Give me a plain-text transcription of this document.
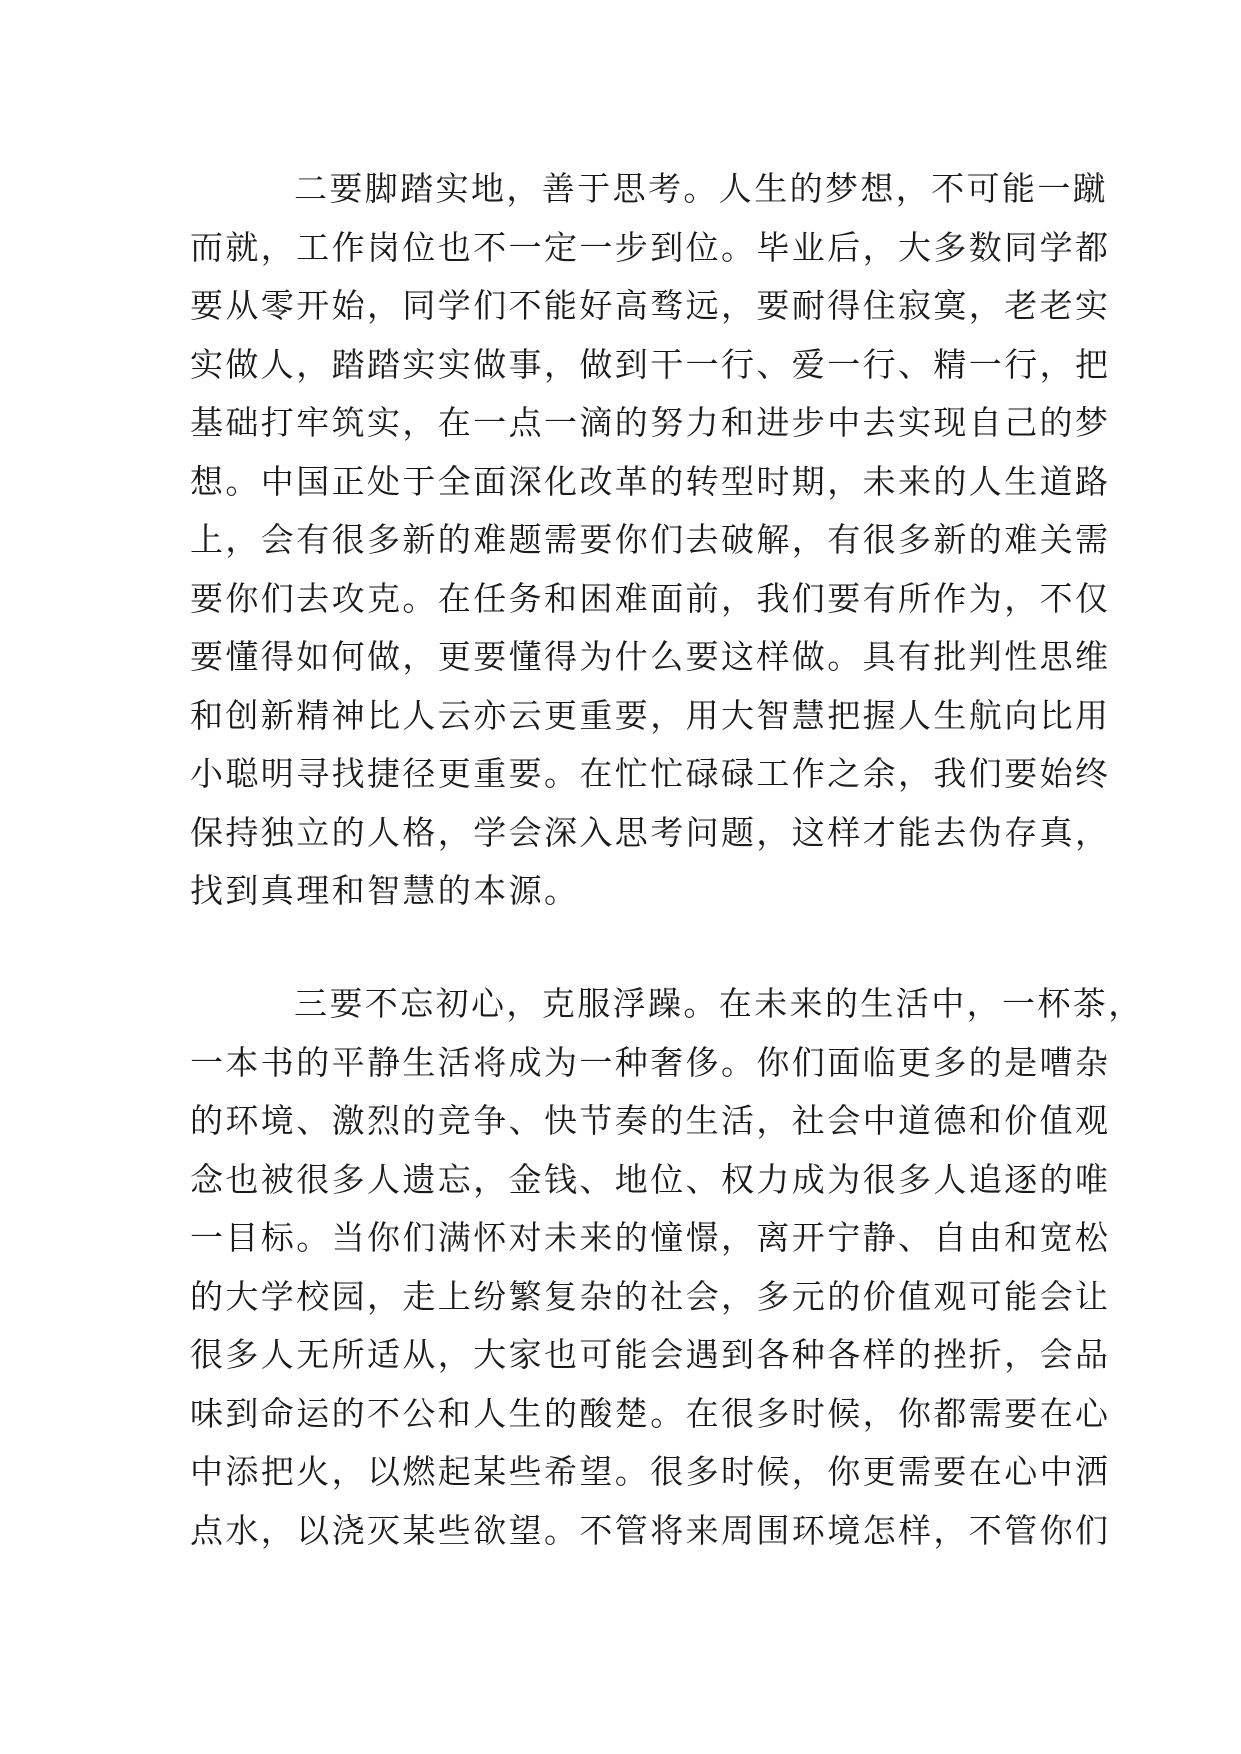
二要脚踏实地，善于思考。人生的梦想，不可能一蹴
而就，工作岗位也不一定一步到位。毕业后，大多数同学都
要从零开始，同学们不能好高骛远，要耐得住寂寞，老老实
实做人，踏踏实实做事，做到干一行、爱一行、精一行，把
基础打牢筑实，在一点一滴的努力和进步中去实现自己的梦
想。中国正处于全面深化改革的转型时期，未来的人生道路
上，会有很多新的难题需要你们去破解，有很多新的难关需
要你们去攻克。在任务和困难面前，我们要有所作为，不仅
要懂得如何做，更要懂得为什么要这样做。具有批判性思维
和创新精神比人云亦云更重要，用大智慧把握人生航向比用
小聪明寻找捷径更重要。在忙忙碌碌工作之余，我们要始终
保持独立的人格，学会深入思考问题，这样才能去伪存真，
找到真理和智慧的本源。
三要不忘初心，克服浮躁。在未来的生活中，一杯茶，
一本书的平静生活将成为一种奢侈。你们面临更多的是嘈杂
的环境、激烈的竞争、快节奏的生活，社会中道德和价值观
念也被很多人遗忘，金钱、地位、权力成为很多人追逐的唯
一目标。当你们满怀对未来的憧憬，离开宁静、自由和宽松
的大学校园，走上纷繁复杂的社会，多元的价值观可能会让
很多人无所适从，大家也可能会遇到各种各样的挫折，会品
味到命运的不公和人生的酸楚。在很多时候，你都需要在心
中添把火，以燃起某些希望。很多时候，你更需要在心中洒
点水，以浇灭某些欲望。不管将来周围环境怎样，不管你们
